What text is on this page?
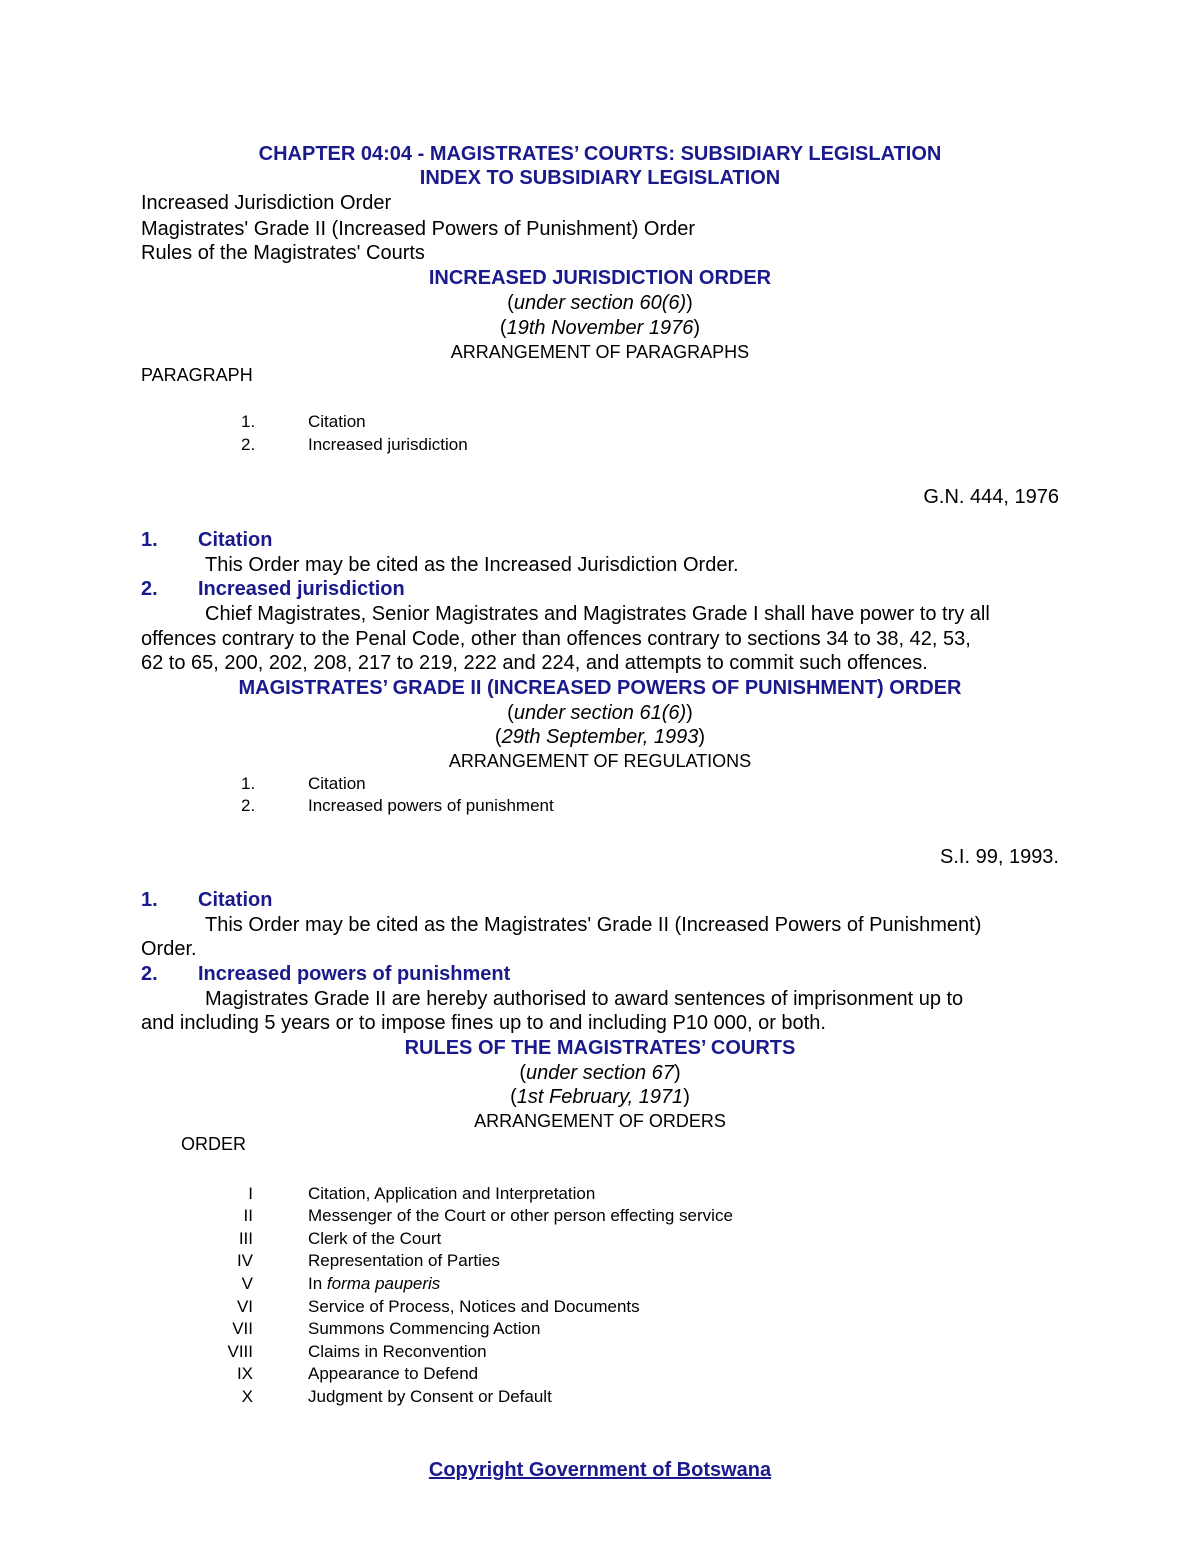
CHAPTER 04:04 - MAGISTRATES’ COURTS: SUBSIDIARY LEGISLATION
INDEX TO SUBSIDIARY LEGISLATION
Increased Jurisdiction Order
Magistrates' Grade II (Increased Powers of Punishment) Order
Rules of the Magistrates' Courts
INCREASED JURISDICTION ORDER
(under section 60(6))
(19th November 1976)
ARRANGEMENT OF PARAGRAPHS
PARAGRAPH
1.	Citation
2.	Increased jurisdiction
G.N. 444, 1976
1. Citation
This Order may be cited as the Increased Jurisdiction Order.
2. Increased jurisdiction
Chief Magistrates, Senior Magistrates and Magistrates Grade I shall have power to try all
offences contrary to the Penal Code, other than offences contrary to sections 34 to 38, 42, 53,
62 to 65, 200, 202, 208, 217 to 219, 222 and 224, and attempts to commit such offences.
MAGISTRATES’ GRADE II (INCREASED POWERS OF PUNISHMENT) ORDER
(under section 61(6))
(29th September, 1993)
ARRANGEMENT OF REGULATIONS
1.	Citation
2.	Increased powers of punishment
S.I. 99, 1993.
1. Citation
This Order may be cited as the Magistrates' Grade II (Increased Powers of Punishment)
Order.
2. Increased powers of punishment
Magistrates Grade II are hereby authorised to award sentences of imprisonment up to
and including 5 years or to impose fines up to and including P10 000, or both.
RULES OF THE MAGISTRATES’ COURTS
(under section 67)
(1st February, 1971)
ARRANGEMENT OF ORDERS
ORDER
I	Citation, Application and Interpretation
II	Messenger of the Court or other person effecting service
III	Clerk of the Court
IV	Representation of Parties
V	In forma pauperis
VI	Service of Process, Notices and Documents
VII	Summons Commencing Action
VIII	Claims in Reconvention
IX	Appearance to Defend
X	Judgment by Consent or Default
Copyright Government of Botswana
